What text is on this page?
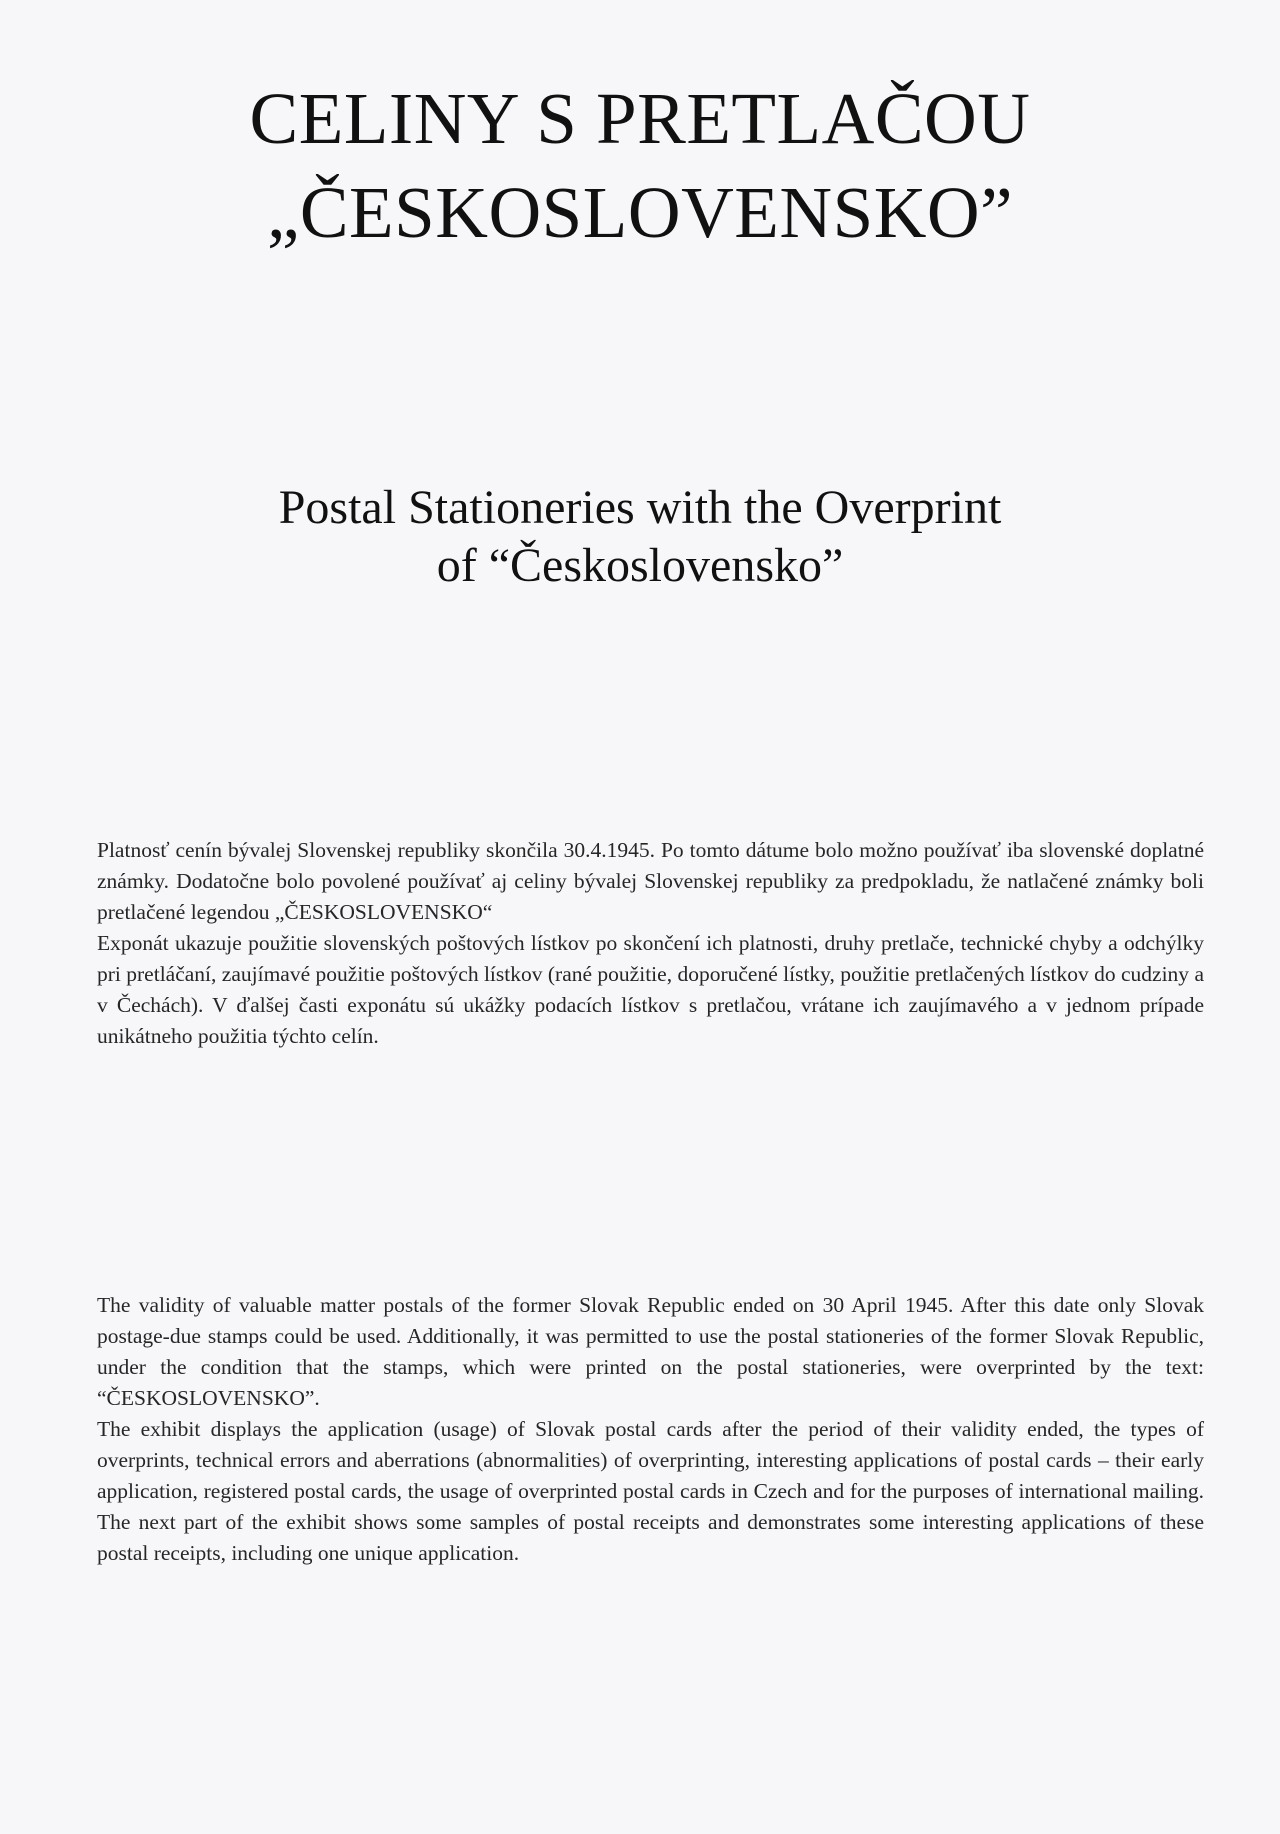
CELINY S PRETLAČOU
„ČESKOSLOVENSKO”
Postal Stationeries with the Overprint
of “Československo”

Platnosť cenín bývalej Slovenskej republiky skončila 30.4.1945. Po tomto dátume bolo možno používať iba slovenské doplatné známky. Dodatočne bolo povolené používať aj celiny bývalej Slovenskej republiky za predpokladu, že natlačené známky boli pretlačené legendou „ČESKOSLOVENSKO“

Exponát ukazuje použitie slovenských poštových lístkov po skončení ich platnosti, druhy pretlače, technické chyby a odchýlky pri pretláčaní, zaujímavé použitie poštových lístkov (rané použitie, doporučené lístky, použitie pretlačených lístkov do cudziny a v Čechách). V ďalšej časti exponátu sú ukážky podacích lístkov s pretlačou, vrátane ich zaujímavého a v jednom prípade unikátneho použitia týchto celín.

The validity of valuable matter postals of the former Slovak Republic ended on 30 April 1945. After this date only Slovak postage-due stamps could be used. Additionally, it was permitted to use the postal stationeries of the former Slovak Republic, under the condition that the stamps, which were printed on the postal stationeries, were overprinted by the text: “ČESKOSLOVENSKO”.

The exhibit displays the application (usage) of Slovak postal cards after the period of their validity ended, the types of overprints, technical errors and aberrations (abnormalities) of overprinting, interesting applications of postal cards – their early application, registered postal cards, the usage of overprinted postal cards in Czech and for the purposes of international mailing. The next part of the exhibit shows some samples of postal receipts and demonstrates some interesting applications of these postal receipts, including one unique application.
